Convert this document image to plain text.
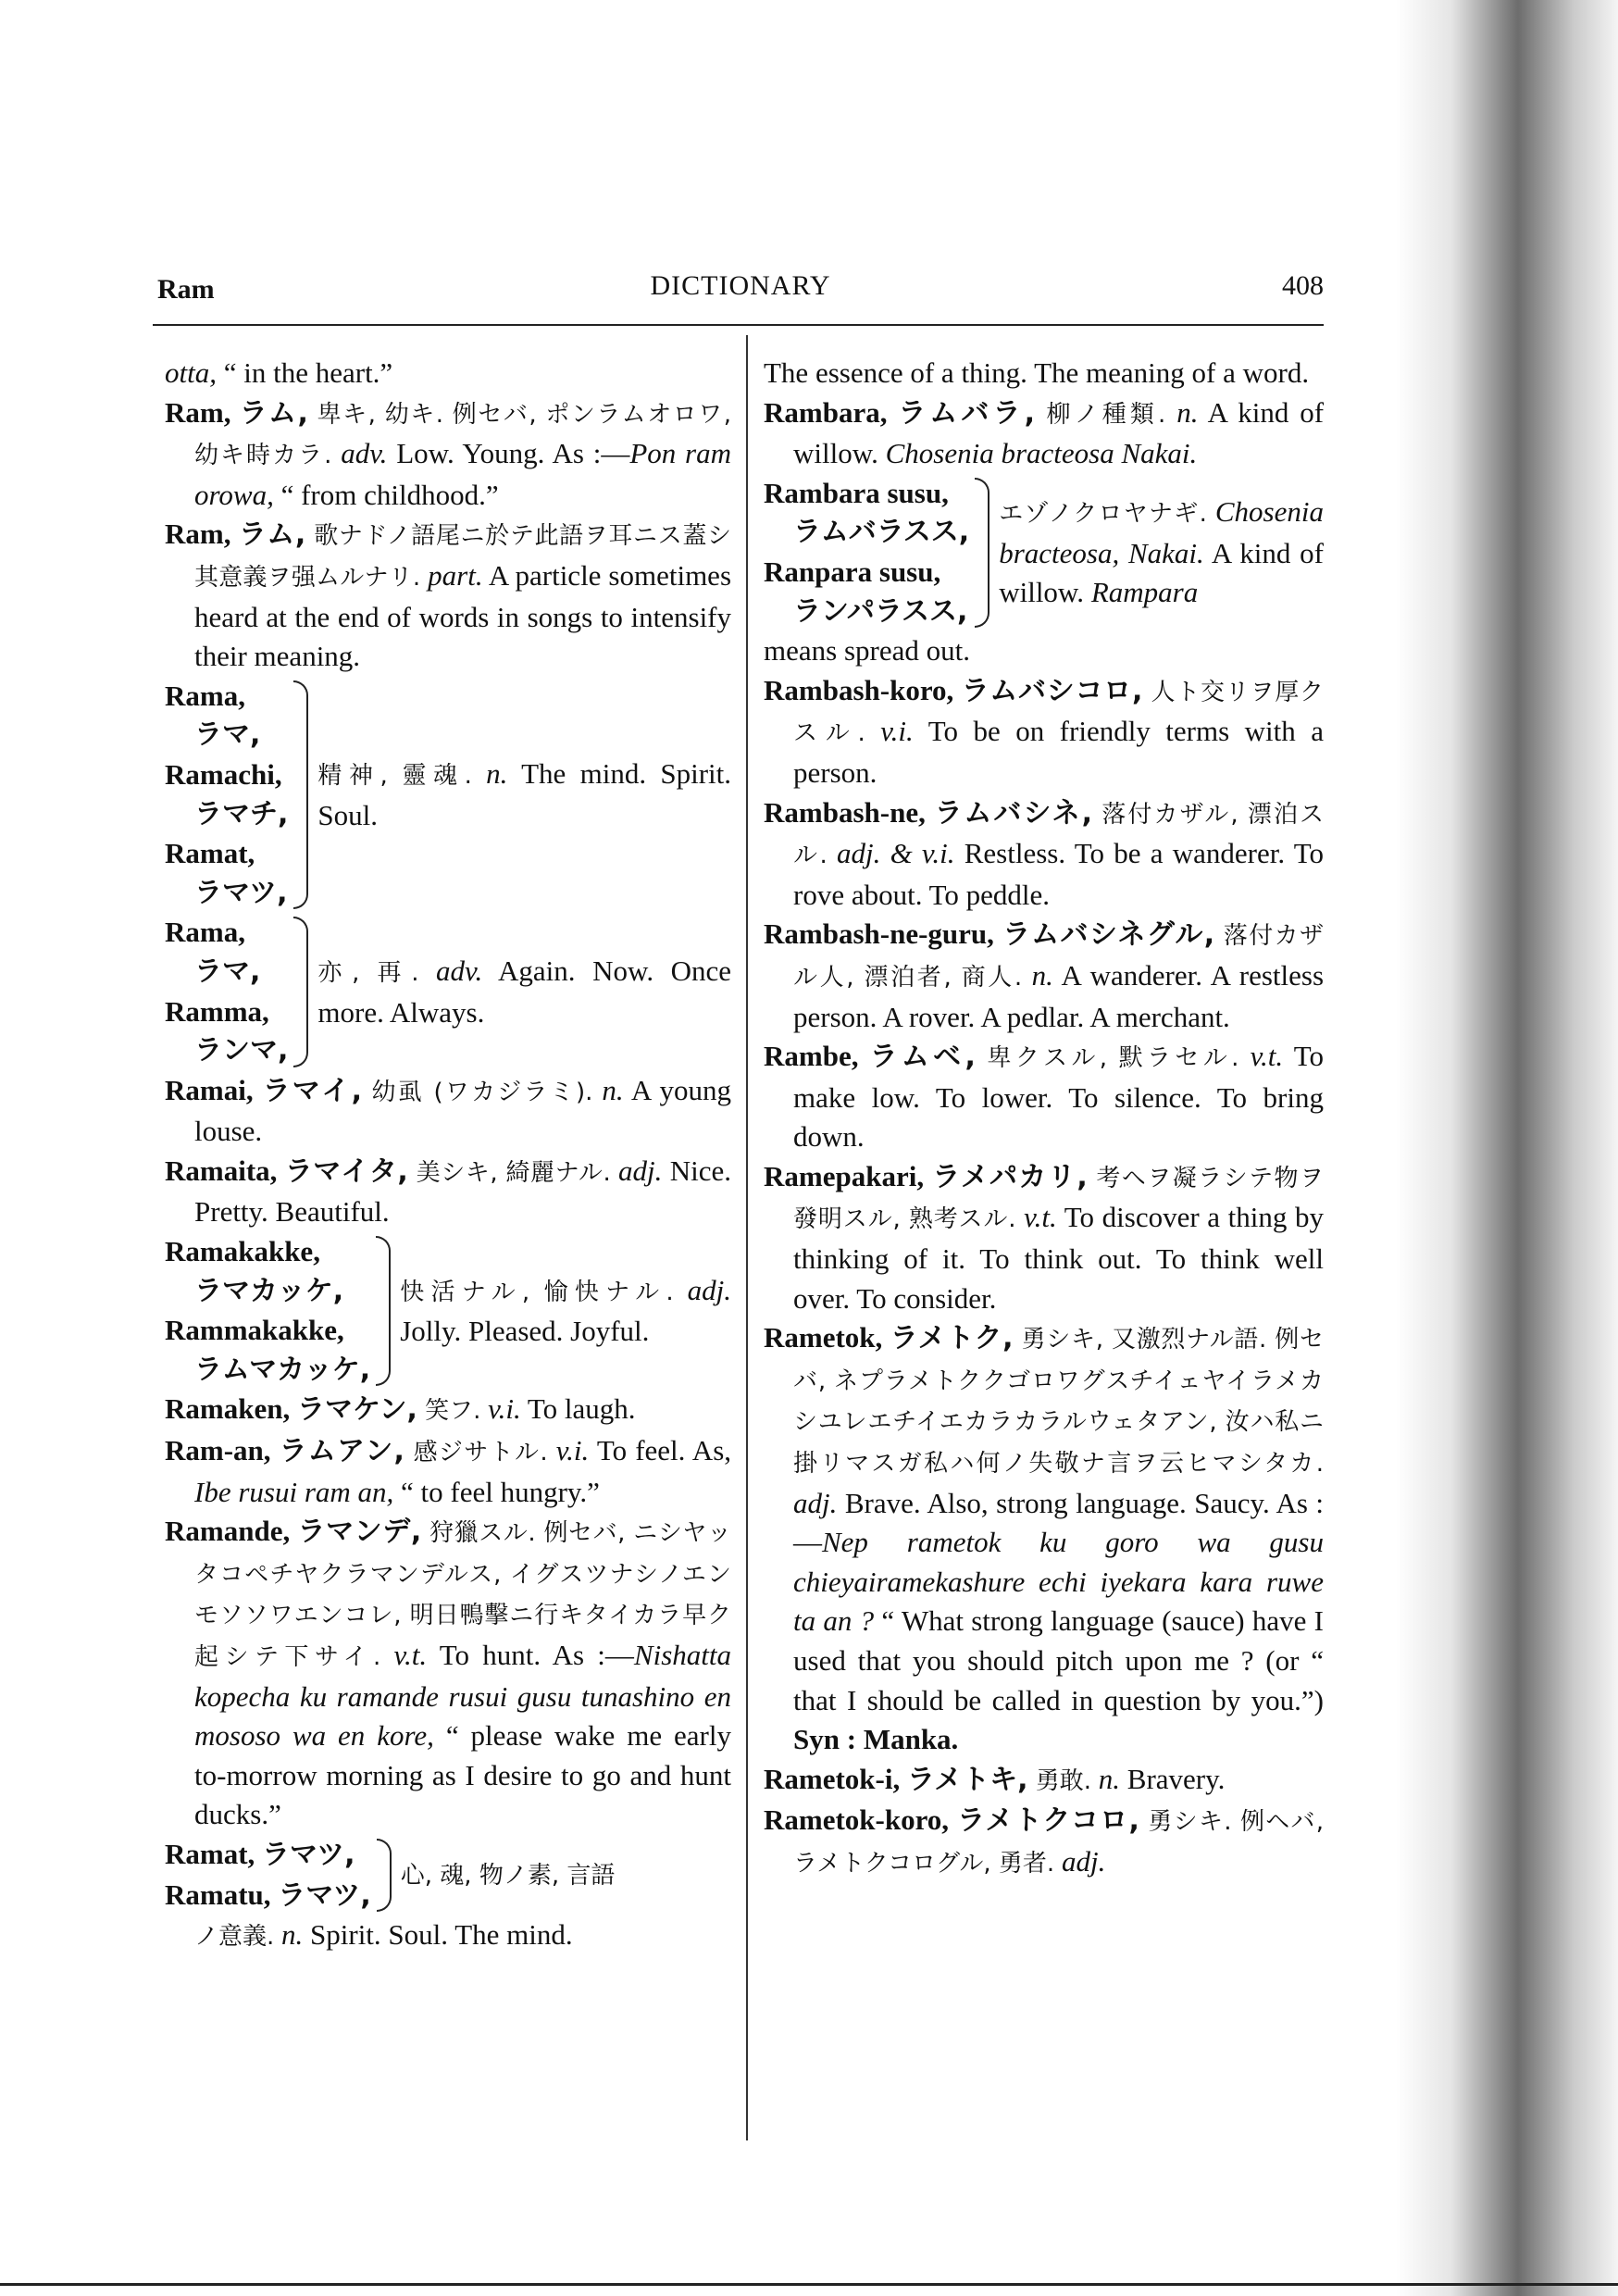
Ram	DICTIONARY	408

otta, “ in the heart.”

Ram, ラム, 卑キ, 幼キ. 例セバ, ポンラムオロワ, 幼キ時カラ. adv. Low. Young. As :—Pon ram orowa, “ from childhood.”

Ram, ラム, 歌ナドノ語尾ニ於テ此語ヲ耳ニス蓋シ其意義ヲ强ムルナリ. part. A particle sometimes heard at the end of words in songs to intensify their meaning.

Rama,
ラマ,
Ramachi,
ラマチ,
Ramat,
ラマツ,
精神, 靈魂. n. The mind. Spirit. Soul.
Rama,
ラマ,
Ramma,
ランマ,
亦, 再. adv. Again. Now. Once more. Always.

Ramai, ラマイ, 幼虱 (ワカジラミ). n. A young louse.

Ramaita, ラマイタ, 美シキ, 綺麗ナル. adj. Nice. Pretty. Beautiful.

Ramakakke,
ラマカッケ,
Rammakakke,
ラムマカッケ,
快活ナル, 愉快ナル. adj. Jolly. Pleased. Joyful.

Ramaken, ラマケン, 笑フ. v.i. To laugh.

Ram-an, ラムアン, 感ジサトル. v.i. To feel. As, Ibe rusui ram an, “ to feel hungry.”

Ramande, ラマンデ, 狩獵スル. 例セバ, ニシヤッタコペチヤクラマンデルス, イグスツナシノエンモソソワエンコレ, 明日鴨擊ニ行キタイカラ早ク起シテ下サイ. v.t. To hunt. As :—Nishatta kopecha ku ramande rusui gusu tunashino en mososo wa en kore, “ please wake me early to-morrow morning as I desire to go and hunt ducks.”

Ramat, ラマツ,
Ramatu, ラマツ,
心, 魂, 物ノ素, 言語

ノ意義. n. Spirit. Soul. The mind.

The essence of a thing. The meaning of a word.

Rambara, ラムバラ, 柳ノ種類. n. A kind of willow. Chosenia bracteosa Nakai.

Rambara susu,
ラムバラスス,
Ranpara susu,
ランパラスス,
エゾノクロヤナギ. Chosenia bracteosa, Nakai. A kind of willow. Rampara

means spread out.

Rambash-koro, ラムバシコロ, 人ト交リヲ厚クスル. v.i. To be on friendly terms with a person.

Rambash-ne, ラムバシネ, 落付カザル, 漂泊スル. adj. & v.i. Restless. To be a wanderer. To rove about. To peddle.

Rambash-ne-guru, ラムバシネグル, 落付カザル人, 漂泊者, 商人. n. A wanderer. A restless person. A rover. A pedlar. A merchant.

Rambe, ラムベ, 卑クスル, 默ラセル. v.t. To make low. To lower. To silence. To bring down.

Ramepakari, ラメパカリ, 考ヘヲ凝ラシテ物ヲ發明スル, 熟考スル. v.t. To discover a thing by thinking of it. To think out. To think well over. To consider.

Rametok, ラメトク, 勇シキ, 又激烈ナル語. 例セバ, ネプラメトククゴロワグスチイェヤイラメカシユレエチイエカラカラルウェタアン, 汝ハ私ニ掛リマスガ私ハ何ノ失敬ナ言ヲ云ヒマシタカ. adj. Brave. Also, strong language. Saucy. As :—Nep rametok ku goro wa gusu chieyairamekashure echi iyekara kara ruwe ta an ? “ What strong language (sauce) have I used that you should pitch upon me ? (or “ that I should be called in question by you.”) Syn : Manka.

Rametok-i, ラメトキ, 勇敢. n. Bravery.

Rametok-koro, ラメトクコロ, 勇シキ. 例ヘバ, ラメトクコログル, 勇者. adj.
